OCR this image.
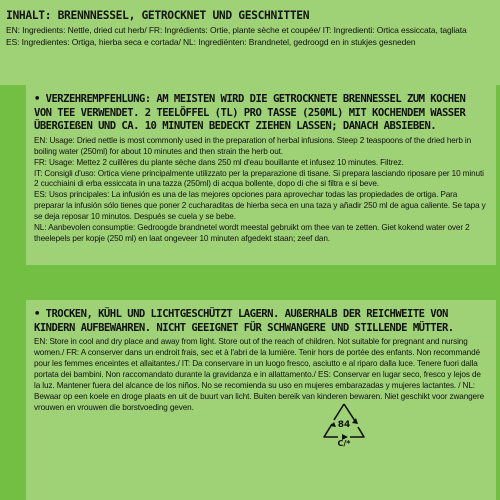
INHALT: BRENNNESSEL, GETROCKNET UND GESCHNITTEN
EN: Ingredients: Nettle, dried cut herb/ FR: Ingrédients: Ortie, plante sèche et coupée/ IT: Ingredienti: Ortica essiccata, tagliata
ES: Ingredientes: Ortiga, hierba seca e cortada/ NL: Ingrediënten: Brandnetel, gedroogd en in stukjes gesneden
• VERZEHREMPFEHLUNG: AM MEISTEN WIRD DIE GETROCKNETE BRENNESSEL ZUM KOCHEN VON TEE VERWENDET. 2 TEELÖFFEL (TL) PRO TASSE (250ML) MIT KOCHENDEM WASSER ÜBERGIEßEN UND CA. 10 MINUTEN BEDECKT ZIEHEN LASSEN; DANACH ABSIEBEN.

EN: Usage: Dried nettle is most commonly used in the preparation of herbal infusions. Steep 2 teaspoons of the dried herb in boiling water (250ml) for about 10 minutes and then strain the herb out.

FR: Usage: Mettez 2 cuillères du plante sèche dans 250 ml d'eau bouillante et infusez 10 minutes. Filtrez.

IT: Consigli d'uso: Ortica viene principalmente utilizzato per la preparazione di tisane. Si prepara lasciando riposare per 10 minuti 2 cucchiaini di erba essiccata in una tazza (250ml) di acqua bollente, dopo di che si filtra e si beve.

ES: Usos principales: La infusión es una de las mejores opciones para aprovechar todas las propiedades de ortiga. Para preparar la infusión sólo tienes que poner 2 cucharaditas de hierba seca en una taza y añadir 250 ml de agua caliente. Se tapa y se deja reposar 10 minutos. Después se cuela y se bebe.

NL: Aanbevolen consumptie: Gedroogde brandnetel wordt meestal gebruikt om thee van te zetten. Giet kokend water over 2 theelepels per kopje (250 ml) en laat ongeveer 10 minuten afgedekt staan; zeef dan.

• TROCKEN, KÜHL UND LICHTGESCHÜTZT LAGERN. AUßERHALB DER REICHWEITE VON KINDERN AUFBEWAHREN. NICHT GEEIGNET FÜR SCHWANGERE UND STILLENDE MÜTTER.

EN: Store in cool and dry place and away from light. Store out of the reach of children. Not suitable for pregnant and nursing women./ FR: A conserver dans un endroit frais, sec et à l'abri de la lumière. Tenir hors de portée des enfants. Non recommandé pour les femmes enceintes et allaitantes./ IT: Da conservare in un luogo fresco, asciutto e al riparo dalla luce. Tenere fuori dalla portata dei bambini. Non raccomandato durante la gravidanza e in allattamento./ ES: Conservar en lugar seco, fresco y lejos de la luz. Mantener fuera del alcance de los niños. No se recomienda su uso en mujeres embarazadas y mujeres lactantes. / NL: Bewaar op een koele en droge plaats en uit de buurt van licht. Buiten bereik van kinderen bewaren. Niet geschikt voor zwangere vrouwen en vrouwen die borstvoeding geven.

84
C/*
